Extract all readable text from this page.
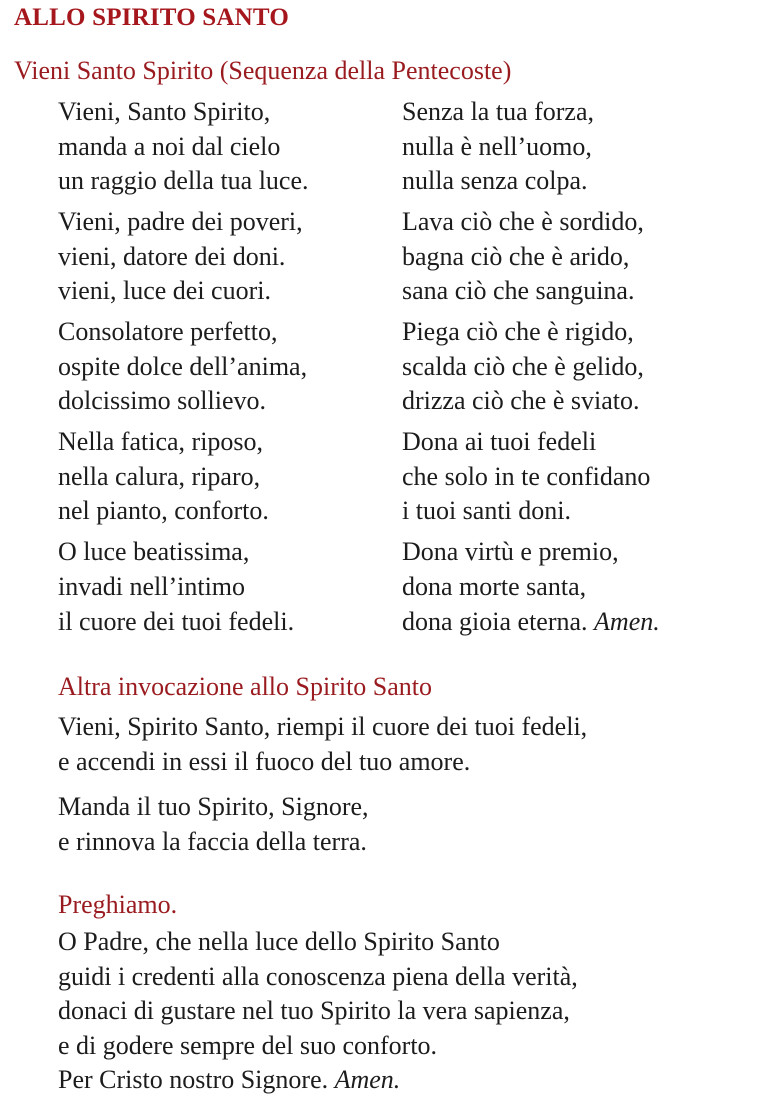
ALLO SPIRITO SANTO
Vieni Santo Spirito (Sequenza della Pentecoste)
Vieni, Santo Spirito,
manda a noi dal cielo
un raggio della tua luce.
Vieni, padre dei poveri,
vieni, datore dei doni.
vieni, luce dei cuori.
Consolatore perfetto,
ospite dolce dell’anima,
dolcissimo sollievo.
Nella fatica, riposo,
nella calura, riparo,
nel pianto, conforto.
O luce beatissima,
invadi nell’intimo
il cuore dei tuoi fedeli.
Senza la tua forza,
nulla è nell’uomo,
nulla senza colpa.
Lava ciò che è sordido,
bagna ciò che è arido,
sana ciò che sanguina.
Piega ciò che è rigido,
scalda ciò che è gelido,
drizza ciò che è sviato.
Dona ai tuoi fedeli
che solo in te confidano
i tuoi santi doni.
Dona virtù e premio,
dona morte santa,
dona gioia eterna. Amen.
Altra invocazione allo Spirito Santo
Vieni, Spirito Santo, riempi il cuore dei tuoi fedeli,
e accendi in essi il fuoco del tuo amore.
Manda il tuo Spirito, Signore,
e rinnova la faccia della terra.
Preghiamo.
O Padre, che nella luce dello Spirito Santo
guidi i credenti alla conoscenza piena della verità,
donaci di gustare nel tuo Spirito la vera sapienza,
e di godere sempre del suo conforto.
Per Cristo nostro Signore. Amen.
